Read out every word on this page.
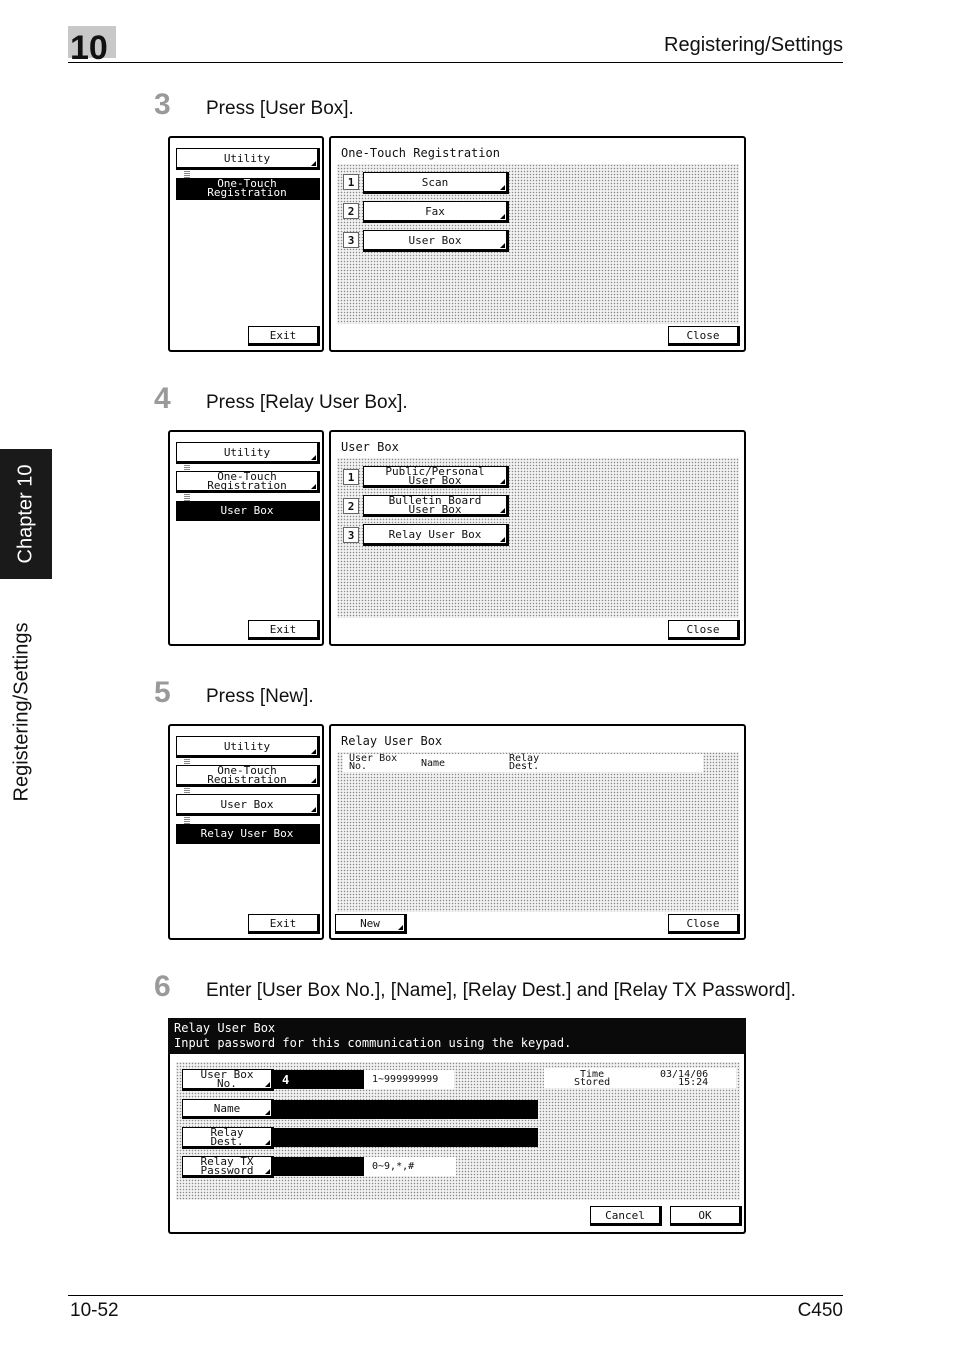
10	Registering/Settings
Chapter 10
Registering/Settings
3 Press [User Box].
Utility
One-Touch
Registration
Exit
One-Touch Registration
1	Scan
2	Fax
3	User Box
Close
4 Press [Relay User Box].
Utility
One-Touch
Registration
User Box
Exit
User Box
1	Public/Personal
User Box
2	Bulletin Board
User Box
3	Relay User Box
Close
5 Press [New].
Utility
One-Touch
Registration
User Box
Relay User Box
Exit
Relay User Box
User Box
No.	Name	Relay
Dest.
New	Close
6 Enter [User Box No.], [Name], [Relay Dest.] and [Relay TX Password].
Relay User Box
Input password for this communication using the keypad.
User Box
No.	4	1~999999999	Time
Stored
03/14/06
15:24
Name
Relay
Dest.
Relay TX
Password	0~9,*,#
Cancel	OK
10-52	C450
